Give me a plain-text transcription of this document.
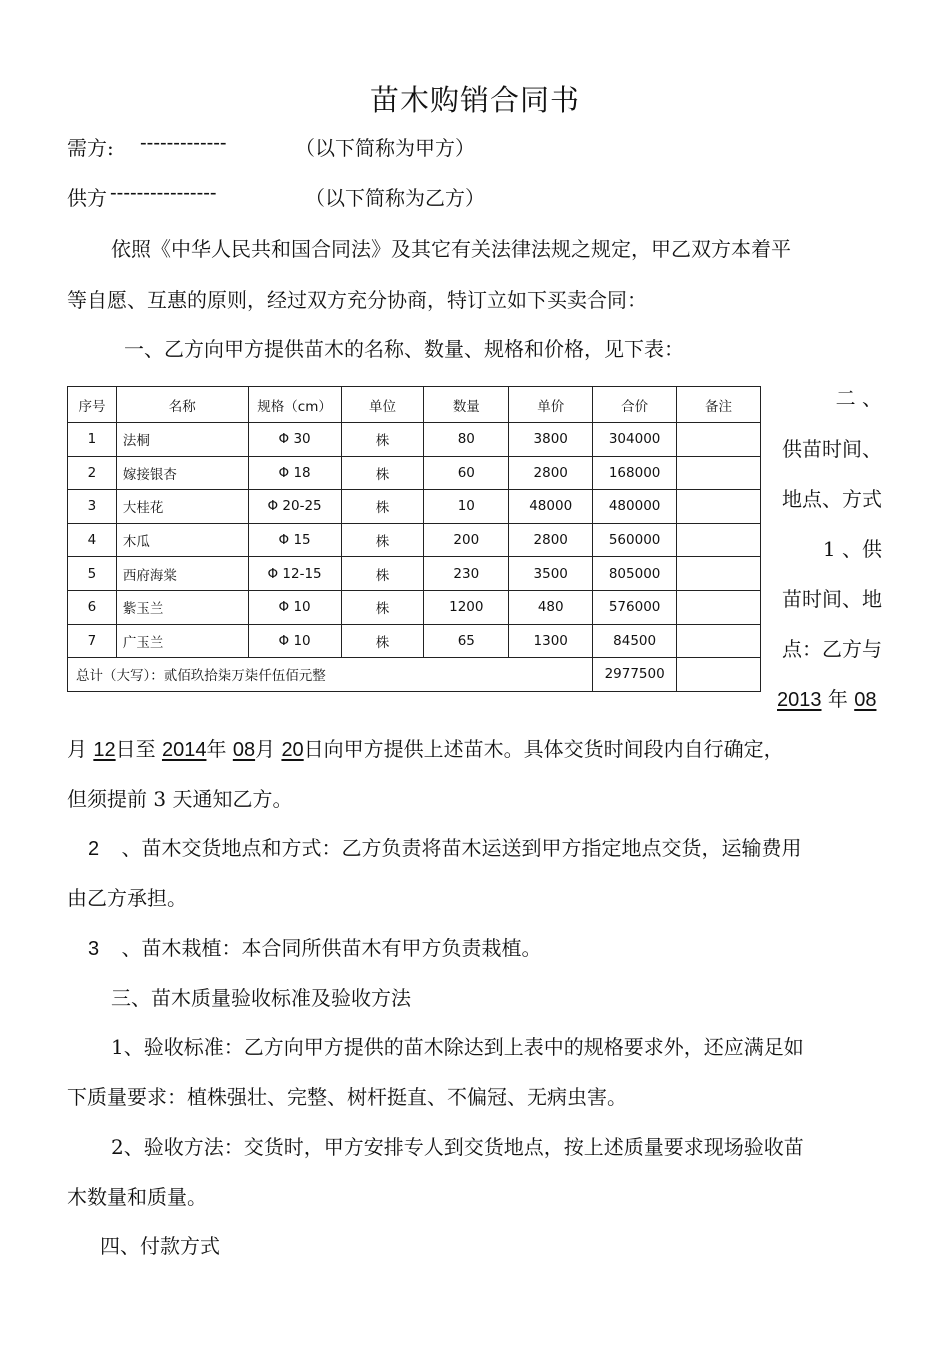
苗木购销合同书
需方: -------------	（以下简称为甲方）
供方 ----------------	（以下简称为乙方）
依照《中华人民共和国合同法》及其它有关法律法规之规定，甲乙双方本着平
等自愿、互惠的原则，经过双方充分协商，特订立如下买卖合同：
一、乙方向甲方提供苗木的名称、数量、规格和价格，见下表：
序号	名称	规格（cm）	单位	数量	单价	合价	备注
1	法桐	Φ 30	株	80	3800	304000	
2	嫁接银杏	Φ 18	株	60	2800	168000	
3	大桂花	Φ 20-25	株	10	48000	480000	
4	木瓜	Φ 15	株	200	2800	560000	
5	西府海棠	Φ 12-15	株	230	3500	805000	
6	紫玉兰	Φ 10	株	1200	480	576000	
7	广玉兰	Φ 10	株	65	1300	84500	
总计（大写）：贰佰玖拾柒万柒仟伍佰元整						2977500	
二 、
供苗时间、
地点、方式
1 、供
苗时间、地
点：乙方与
2013 年 08
月 12日至 2014年 08月 20日向甲方提供上述苗木。具体交货时间段内自行确定，
但须提前 3 天通知乙方。
2 、苗木交货地点和方式：乙方负责将苗木运送到甲方指定地点交货，运输费用
由乙方承担。
3 、苗木栽植：本合同所供苗木有甲方负责栽植。
三、苗木质量验收标准及验收方法
1、验收标准：乙方向甲方提供的苗木除达到上表中的规格要求外，还应满足如
下质量要求：植株强壮、完整、树杆挺直、不偏冠、无病虫害。
2、验收方法：交货时，甲方安排专人到交货地点，按上述质量要求现场验收苗
木数量和质量。
四、付款方式
